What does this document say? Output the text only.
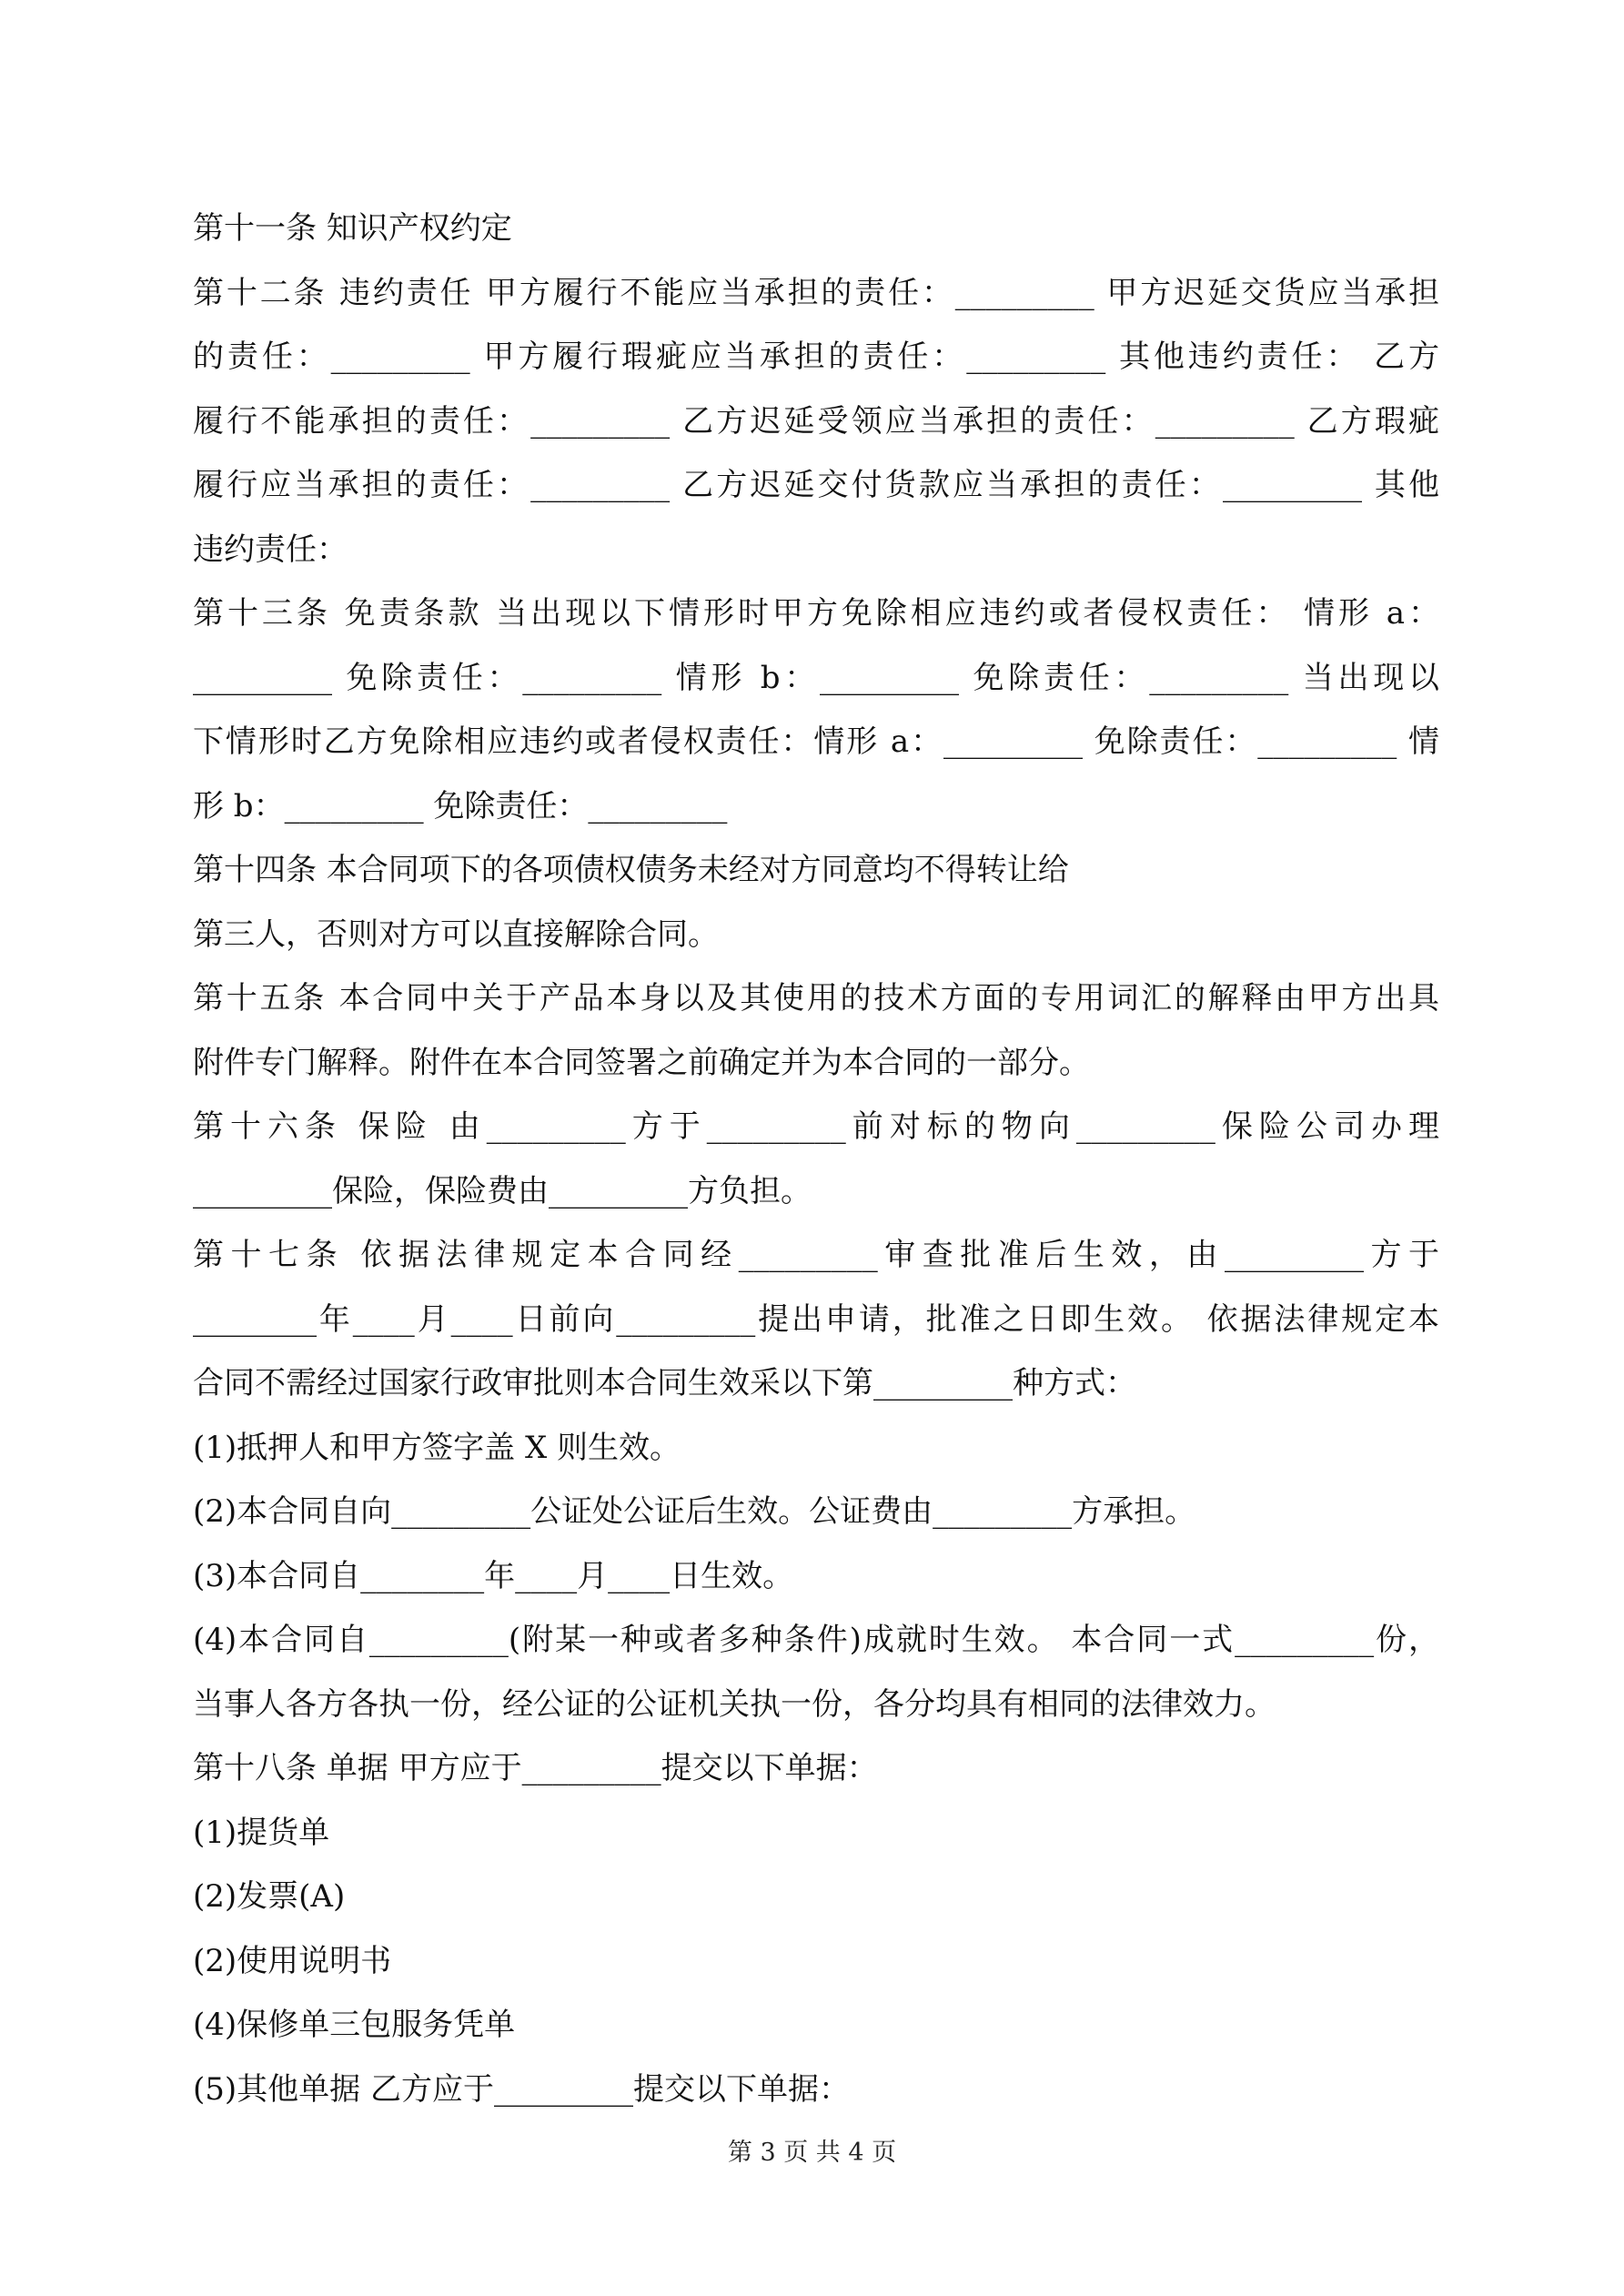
第十一条 知识产权约定
第十二条 违约责任 甲方履行不能应当承担的责任：_________ 甲方迟延交货应当承担
的责任：_________ 甲方履行瑕疵应当承担的责任：_________ 其他违约责任： 乙方
履行不能承担的责任：_________ 乙方迟延受领应当承担的责任：_________ 乙方瑕疵
履行应当承担的责任：_________ 乙方迟延交付货款应当承担的责任：_________ 其他
违约责任：
第十三条 免责条款 当出现以下情形时甲方免除相应违约或者侵权责任： 情形 a：
_________ 免除责任：_________ 情形 b：_________ 免除责任：_________ 当出现以
下情形时乙方免除相应违约或者侵权责任：情形 a：_________ 免除责任：_________ 情
形 b：_________ 免除责任：_________
第十四条 本合同项下的各项债权债务未经对方同意均不得转让给
第三人，否则对方可以直接解除合同。
第十五条 本合同中关于产品本身以及其使用的技术方面的专用词汇的解释由甲方出具
附件专门解释。附件在本合同签署之前确定并为本合同的一部分。
第十六条 保险 由_________方于_________前对标的物向_________保险公司办理
_________保险，保险费由_________方负担。
第十七条 依据法律规定本合同经_________审查批准后生效，由_________方于
________年____月____日前向_________提出申请，批准之日即生效。 依据法律规定本
合同不需经过国家行政审批则本合同生效采以下第_________种方式：
(1)抵押人和甲方签字盖 X 则生效。
(2)本合同自向_________公证处公证后生效。公证费由_________方承担。
(3)本合同自________年____月____日生效。
(4)本合同自_________(附某一种或者多种条件)成就时生效。 本合同一式_________份，
当事人各方各执一份，经公证的公证机关执一份，各分均具有相同的法律效力。
第十八条 单据 甲方应于_________提交以下单据：
(1)提货单
(2)发票(A)
(2)使用说明书
(4)保修单三包服务凭单
(5)其他单据 乙方应于_________提交以下单据：
第 3 页 共 4 页
